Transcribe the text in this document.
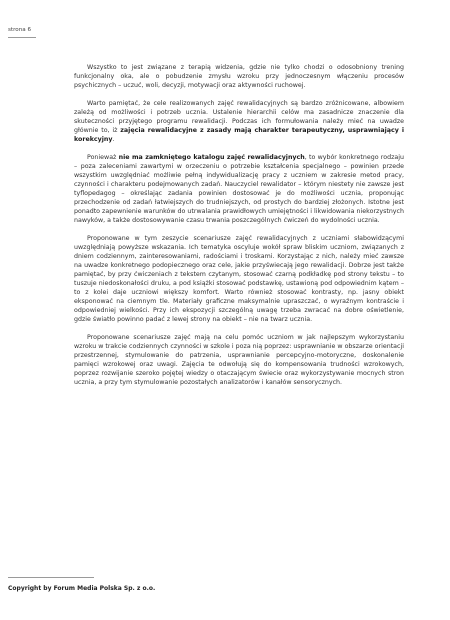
strona 6

Wszystko to jest związane z terapią widzenia, gdzie nie tylko chodzi o odosobniony trening funkcjonalny oka, ale o pobudzenie zmysłu wzroku przy jednoczesnym włączeniu procesów psychicznych – uczuć, woli, decyzji, motywacji oraz aktywności ruchowej.

Warto pamiętać, że cele realizowanych zajęć rewalidacyjnych są bardzo zróżnicowane, albowiem zależą od możliwości i potrzeb ucznia. Ustalenie hierarchii celów ma zasadnicze znaczenie dla skuteczności przyjętego programu rewalidacji. Podczas ich formułowania należy mieć na uwadze głównie to, iż zajęcia rewalidacyjne z zasady mają charakter terapeutyczny, usprawniający i korekcyjny.

Ponieważ nie ma zamkniętego katalogu zajęć rewalidacyjnych, to wybór konkretnego rodzaju – poza zaleceniami zawartymi w orzeczeniu o potrzebie kształcenia specjalnego – powinien przede wszystkim uwzględniać możliwie pełną indywidualizację pracy z uczniem w zakresie metod pracy, czynności i charakteru podejmowanych zadań. Nauczyciel rewalidator – którym niestety nie zawsze jest tyflopedagog – określając zadania powinien dostosować je do możliwości ucznia, proponując przechodzenie od zadań łatwiejszych do trudniejszych, od prostych do bardziej złożonych. Istotne jest ponadto zapewnienie warunków do utrwalania prawidłowych umiejętności i likwidowania niekorzystnych nawyków, a także dostosowywanie czasu trwania poszczególnych ćwiczeń do wydolności ucznia.

Proponowane w tym zeszycie scenariusze zajęć rewalidacyjnych z uczniami słabowidzącymi uwzględniają powyższe wskazania. Ich tematyka oscyluje wokół spraw bliskim uczniom, związanych z dniem codziennym, zainteresowaniami, radościami i troskami. Korzystając z nich, należy mieć zawsze na uwadze konkretnego podopiecznego oraz cele, jakie przyświecają jego rewalidacji. Dobrze jest także pamiętać, by przy ćwiczeniach z tekstem czytanym, stosować czarną podkładkę pod strony tekstu – to tuszuje niedoskonałości druku, a pod książki stosować podstawkę, ustawioną pod odpowiednim kątem – to z kolei daje uczniowi większy komfort. Warto również stosować kontrasty, np. jasny obiekt eksponować na ciemnym tle. Materiały graficzne maksymalnie upraszczać, o wyraźnym kontraście i odpowiedniej wielkości. Przy ich ekspozycji szczególną uwagę trzeba zwracać na dobre oświetlenie, gdzie światło powinno padać z lewej strony na obiekt – nie na twarz ucznia.

Proponowane scenariusze zajęć mają na celu pomóc uczniom w jak najlepszym wykorzystaniu wzroku w trakcie codziennych czynności w szkole i poza nią poprzez: usprawnianie w obszarze orientacji przestrzennej, stymulowanie do patrzenia, usprawnianie percepcyjno-motoryczne, doskonalenie pamięci wzrokowej oraz uwagi. Zajęcia te odwołują się do kompensowania trudności wzrokowych, poprzez rozwijanie szeroko pojętej wiedzy o otaczającym świecie oraz wykorzystywanie mocnych stron ucznia, a przy tym stymulowanie pozostałych analizatorów i kanałów sensorycznych.

Copyright by Forum Media Polska Sp. z o.o.
